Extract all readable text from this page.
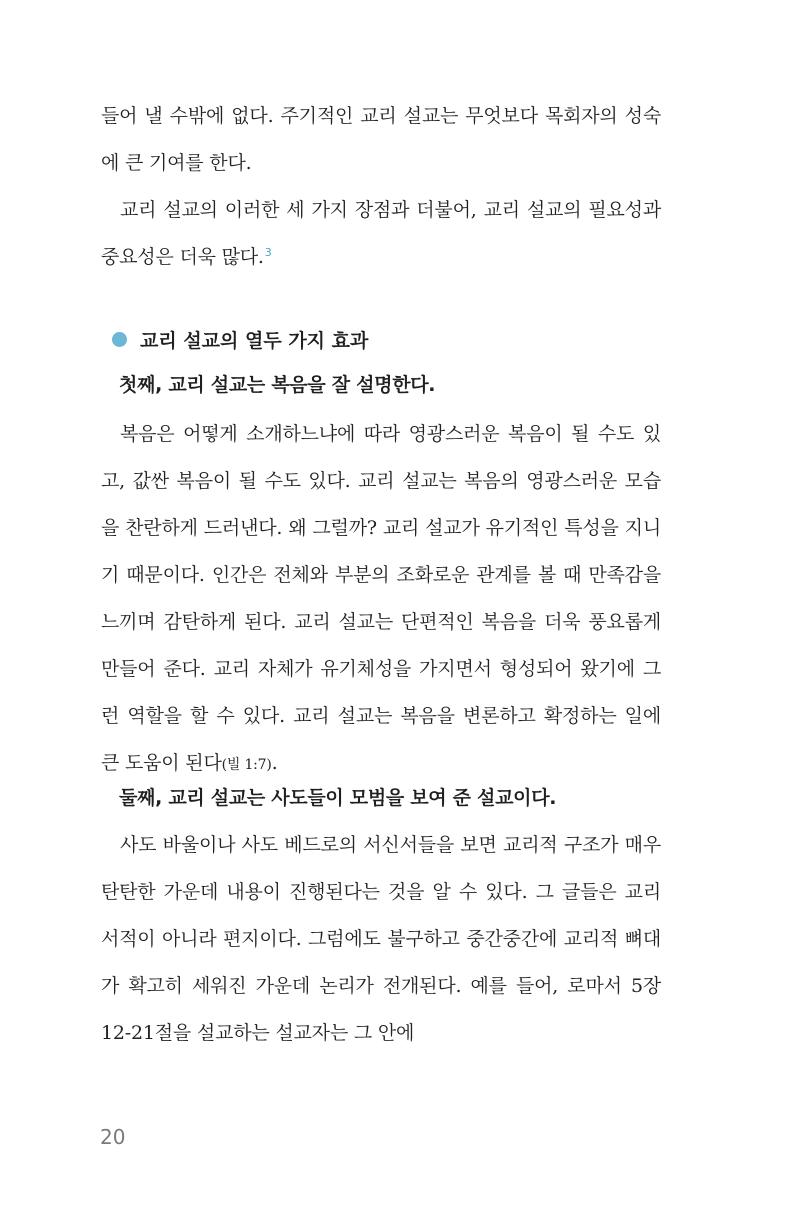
들어 낼 수밖에 없다. 주기적인 교리 설교는 무엇보다 목회자의 성숙에 큰 기여를 한다.

교리 설교의 이러한 세 가지 장점과 더불어, 교리 설교의 필요성과 중요성은 더욱 많다.$^3$

교리 설교의 열두 가지 효과
첫째, 교리 설교는 복음을 잘 설명한다.

복음은 어떻게 소개하느냐에 따라 영광스러운 복음이 될 수도 있고, 값싼 복음이 될 수도 있다. 교리 설교는 복음의 영광스러운 모습을 찬란하게 드러낸다. 왜 그럴까? 교리 설교가 유기적인 특성을 지니기 때문이다. 인간은 전체와 부분의 조화로운 관계를 볼 때 만족감을 느끼며 감탄하게 된다. 교리 설교는 단편적인 복음을 더욱 풍요롭게 만들어 준다. 교리 자체가 유기체성을 가지면서 형성되어 왔기에 그런 역할을 할 수 있다. 교리 설교는 복음을 변론하고 확정하는 일에 큰 도움이 된다(빌 1:7).

둘째, 교리 설교는 사도들이 모범을 보여 준 설교이다.

사도 바울이나 사도 베드로의 서신서들을 보면 교리적 구조가 매우 탄탄한 가운데 내용이 진행된다는 것을 알 수 있다. 그 글들은 교리 서적이 아니라 편지이다. 그럼에도 불구하고 중간중간에 교리적 뼈대가 확고히 세워진 가운데 논리가 전개된다. 예를 들어, 로마서 5장 12-21절을 설교하는 설교자는 그 안에

20
